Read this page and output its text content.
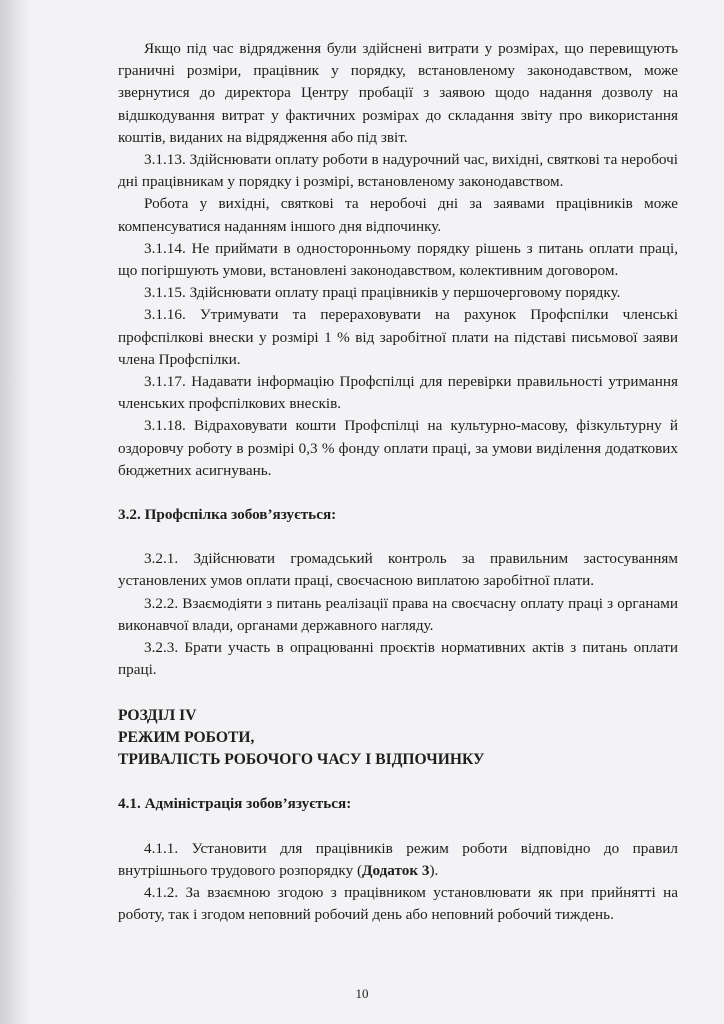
Якщо під час відрядження були здійснені витрати у розмірах, що перевищують граничні розміри, працівник у порядку, встановленому законодавством, може звернутися до директора Центру пробації з заявою щодо надання дозволу на відшкодування витрат у фактичних розмірах до складання звіту про використання коштів, виданих на відрядження або під звіт.

3.1.13. Здійснювати оплату роботи в надурочний час, вихідні, святкові та неробочі дні працівникам у порядку і розмірі, встановленому законодавством.

Робота у вихідні, святкові та неробочі дні за заявами працівників може компенсуватися наданням іншого дня відпочинку.

3.1.14. Не приймати в односторонньому порядку рішень з питань оплати праці, що погіршують умови, встановлені законодавством, колективним договором.

3.1.15. Здійснювати оплату праці працівників у першочерговому порядку.

3.1.16. Утримувати та перераховувати на рахунок Профспілки членські профспілкові внески у розмірі 1 % від заробітної плати на підставі письмової заяви члена Профспілки.

3.1.17. Надавати інформацію Профспілці для перевірки правильності утримання членських профспілкових внесків.

3.1.18. Відраховувати кошти Профспілці на культурно-масову, фізкультурну й оздоровчу роботу в розмірі 0,3 % фонду оплати праці, за умови виділення додаткових бюджетних асигнувань.

3.2. Профспілка зобов’язується:

3.2.1. Здійснювати громадський контроль за правильним застосуванням установлених умов оплати праці, своєчасною виплатою заробітної плати.

3.2.2. Взаємодіяти з питань реалізації права на своєчасну оплату праці з органами виконавчої влади, органами державного нагляду.

3.2.3. Брати участь в опрацюванні проєктів нормативних актів з питань оплати праці.

РОЗДІЛ IV

РЕЖИМ РОБОТИ,

ТРИВАЛІСТЬ РОБОЧОГО ЧАСУ І ВІДПОЧИНКУ

4.1. Адміністрація зобов’язується:

4.1.1. Установити для працівників режим роботи відповідно до правил внутрішнього трудового розпорядку (Додаток 3).

4.1.2. За взаємною згодою з працівником установлювати як при прийнятті на роботу, так і згодом неповний робочий день або неповний робочий тиждень.

10
